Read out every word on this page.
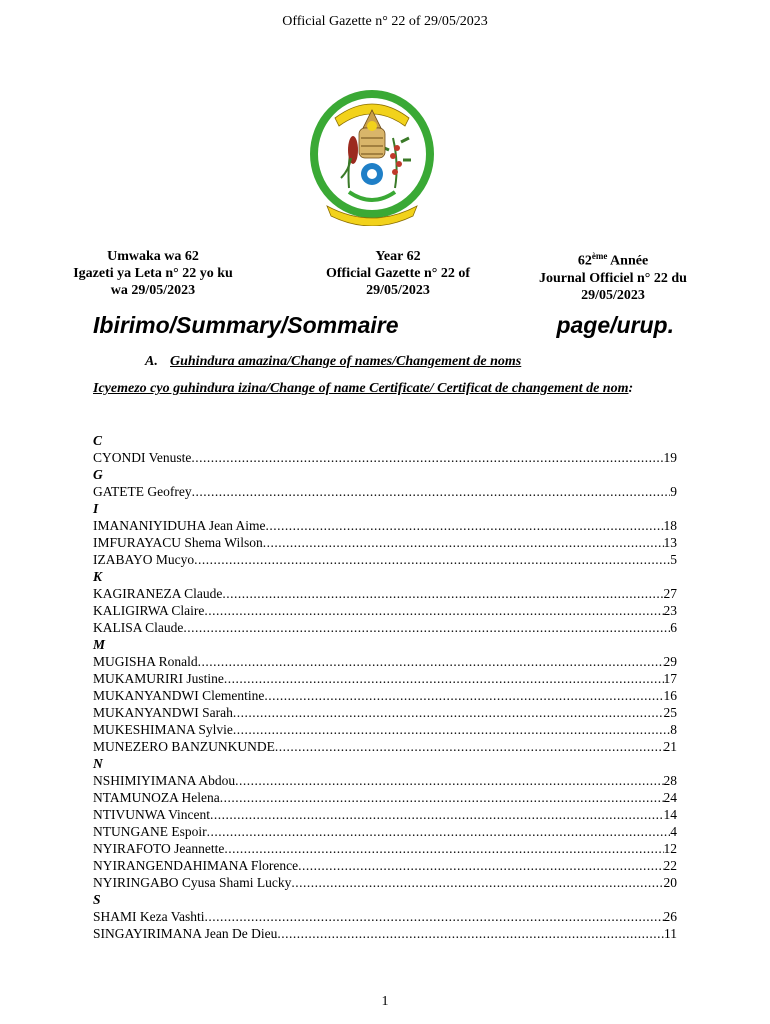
Official Gazette n° 22 of 29/05/2023
Umwaka wa 62
Igazeti ya Leta n° 22 yo ku
wa 29/05/2023
Year 62
Official Gazette n° 22 of
29/05/2023
62ème Année
Journal Officiel n° 22 du
29/05/2023
Ibirimo/Summary/Sommaire	page/urup.
A. Guhindura amazina/Change of names/Changement de noms
Icyemezo cyo guhindura izina/Change of name Certificate/ Certificat de changement de nom:
C
CYONDI Venuste .....	19
G
GATETE Geofrey .....	9
I
IMANANIYIDUHA Jean Aime .....	18
IMFURAYACU Shema Wilson .....	13
IZABAYO Mucyo .....	5
K
KAGIRANEZA Claude .....	27
KALIGIRWA Claire .....	23
KALISA Claude .....	6
M
MUGISHA Ronald .....	29
MUKAMURIRI Justine .....	17
MUKANYANDWI Clementine .....	16
MUKANYANDWI Sarah .....	25
MUKESHIMANA Sylvie .....	8
MUNEZERO BANZUNKUNDE .....	21
N
NSHIMIYIMANA Abdou .....	28
NTAMUNOZA Helena .....	24
NTIVUNWA Vincent .....	14
NTUNGANE Espoir .....	4
NYIRAFOTO Jeannette .....	12
NYIRANGENDAHIMANA Florence .....	22
NYIRINGABO Cyusa Shami Lucky .....	20
S
SHAMI Keza Vashti .....	26
SINGAYIRIMANA Jean De Dieu .....	11
1
